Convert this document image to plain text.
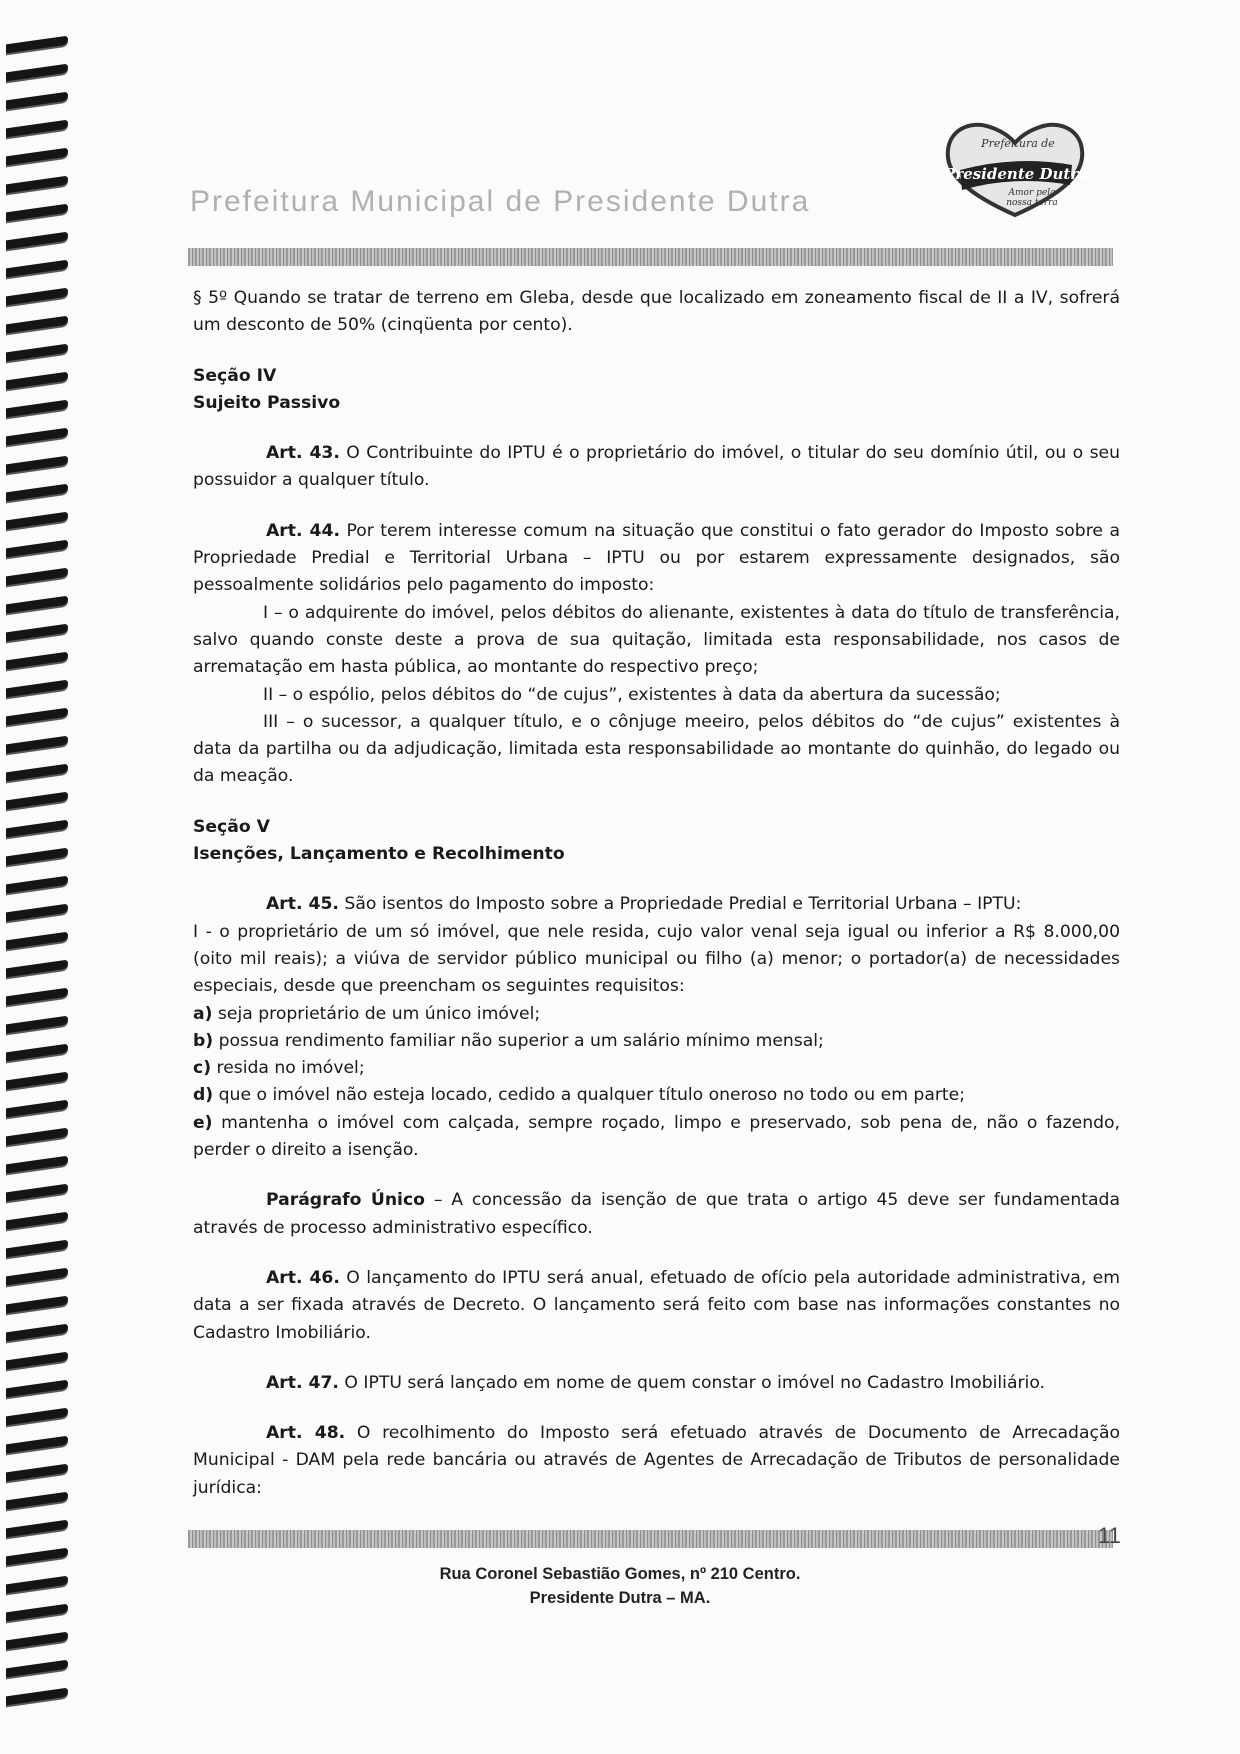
Prefeitura Municipal de Presidente Dutra
Prefeitura de
Presidente Dutra
Amor pela
nossa terra

§ 5º Quando se tratar de terreno em Gleba, desde que localizado em zoneamento fiscal de II a IV, sofrerá um desconto de 50% (cinqüenta por cento).

Seção IV

Sujeito Passivo

Art. 43. O Contribuinte do IPTU é o proprietário do imóvel, o titular do seu domínio útil, ou o seu possuidor a qualquer título.

Art. 44. Por terem interesse comum na situação que constitui o fato gerador do Imposto sobre a Propriedade Predial e Territorial Urbana – IPTU ou por estarem expressamente designados, são pessoalmente solidários pelo pagamento do imposto:

I – o adquirente do imóvel, pelos débitos do alienante, existentes à data do título de transferência, salvo quando conste deste a prova de sua quitação, limitada esta responsabilidade, nos casos de arrematação em hasta pública, ao montante do respectivo preço;

II – o espólio, pelos débitos do “de cujus”, existentes à data da abertura da sucessão;

III – o sucessor, a qualquer título, e o cônjuge meeiro, pelos débitos do “de cujus” existentes à data da partilha ou da adjudicação, limitada esta responsabilidade ao montante do quinhão, do legado ou da meação.

Seção V

Isenções, Lançamento e Recolhimento

Art. 45. São isentos do Imposto sobre a Propriedade Predial e Territorial Urbana – IPTU:

I - o proprietário de um só imóvel, que nele resida, cujo valor venal seja igual ou inferior a R$ 8.000,00 (oito mil reais); a viúva de servidor público municipal ou filho (a) menor; o portador(a) de necessidades especiais, desde que preencham os seguintes requisitos:

a) seja proprietário de um único imóvel;

b) possua rendimento familiar não superior a um salário mínimo mensal;

c) resida no imóvel;

d) que o imóvel não esteja locado, cedido a qualquer título oneroso no todo ou em parte;

e) mantenha o imóvel com calçada, sempre roçado, limpo e preservado, sob pena de, não o fazendo, perder o direito a isenção.

Parágrafo Único – A concessão da isenção de que trata o artigo 45 deve ser fundamentada através de processo administrativo específico.

Art. 46. O lançamento do IPTU será anual, efetuado de ofício pela autoridade administrativa, em data a ser fixada através de Decreto. O lançamento será feito com base nas informações constantes no Cadastro Imobiliário.

Art. 47. O IPTU será lançado em nome de quem constar o imóvel no Cadastro Imobiliário.

Art. 48. O recolhimento do Imposto será efetuado através de Documento de Arrecadação Municipal - DAM pela rede bancária ou através de Agentes de Arrecadação de Tributos de personalidade jurídica:

11
Rua Coronel Sebastião Gomes, nº 210 Centro.
Presidente Dutra – MA.
